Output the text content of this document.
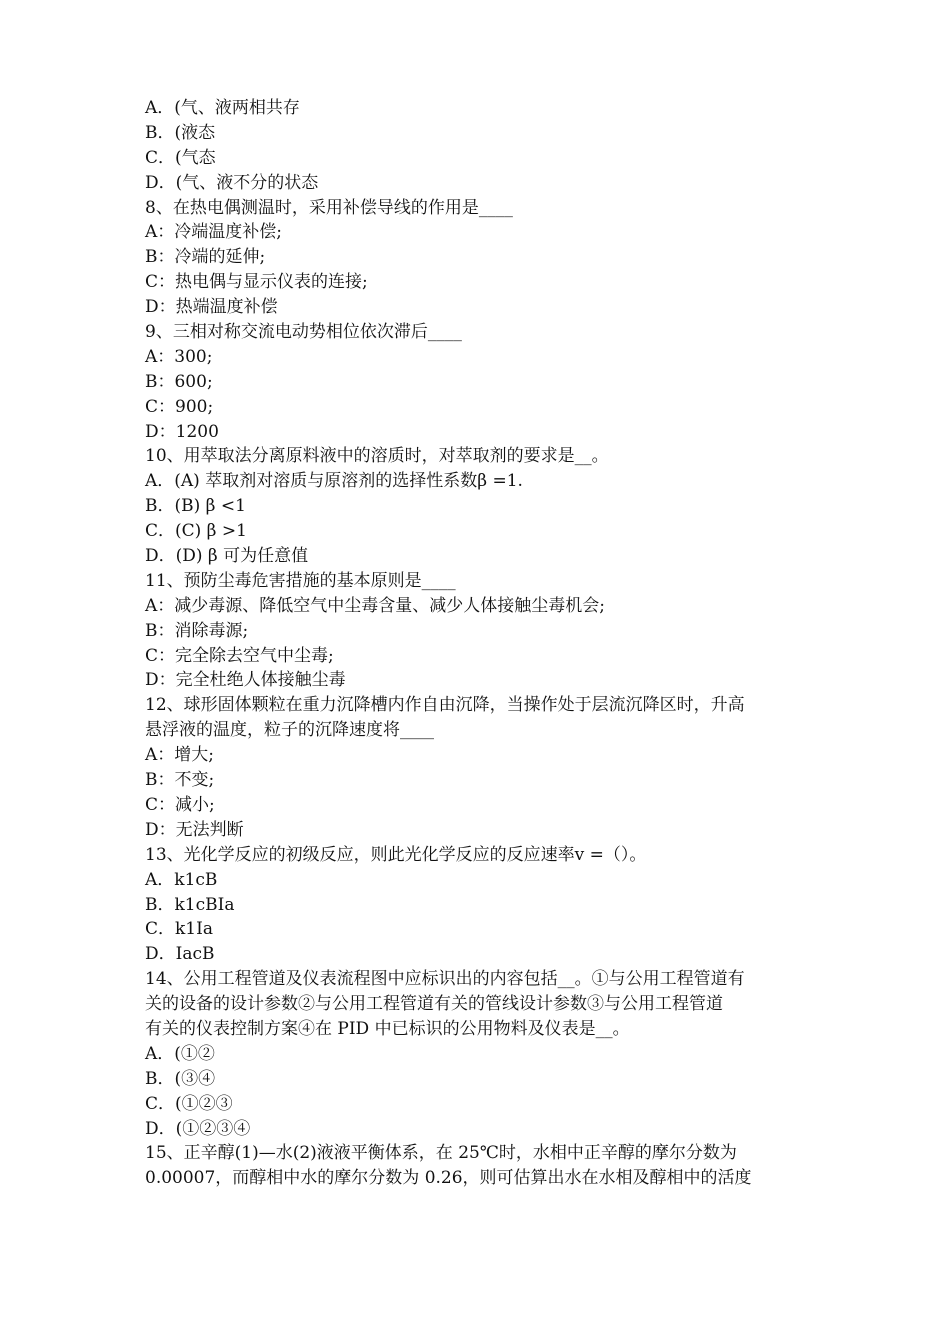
A．(气、液两相共存
B．(液态
C．(气态
D．(气、液不分的状态
8、在热电偶测温时，采用补偿导线的作用是____
A：冷端温度补偿;
B：冷端的延伸;
C：热电偶与显示仪表的连接;
D：热端温度补偿
9、三相对称交流电动势相位依次滞后____
A：300;
B：600;
C：900;
D：1200
10、用萃取法分离原料液中的溶质时，对萃取剂的要求是__。
A．(A) 萃取剂对溶质与原溶剂的选择性系数β =1.
B．(B) β <1
C．(C) β >1
D．(D) β 可为任意值
11、预防尘毒危害措施的基本原则是____
A：减少毒源、降低空气中尘毒含量、减少人体接触尘毒机会;
B：消除毒源;
C：完全除去空气中尘毒;
D：完全杜绝人体接触尘毒
12、球形固体颗粒在重力沉降槽内作自由沉降，当操作处于层流沉降区时，升高
悬浮液的温度，粒子的沉降速度将____
A：增大;
B：不变;
C：减小;
D：无法判断
13、光化学反应的初级反应，则此光化学反应的反应速率v =（）。
A．k1cB
B．k1cBIa
C．k1Ia
D．IacB
14、公用工程管道及仪表流程图中应标识出的内容包括__。①与公用工程管道有
关的设备的设计参数②与公用工程管道有关的管线设计参数③与公用工程管道
有关的仪表控制方案④在 PID 中已标识的公用物料及仪表是__。
A．(①②
B．(③④
C．(①②③
D．(①②③④
15、正辛醇(1)—水(2)液液平衡体系，在 25℃时，水相中正辛醇的摩尔分数为
0.00007，而醇相中水的摩尔分数为 0.26，则可估算出水在水相及醇相中的活度
